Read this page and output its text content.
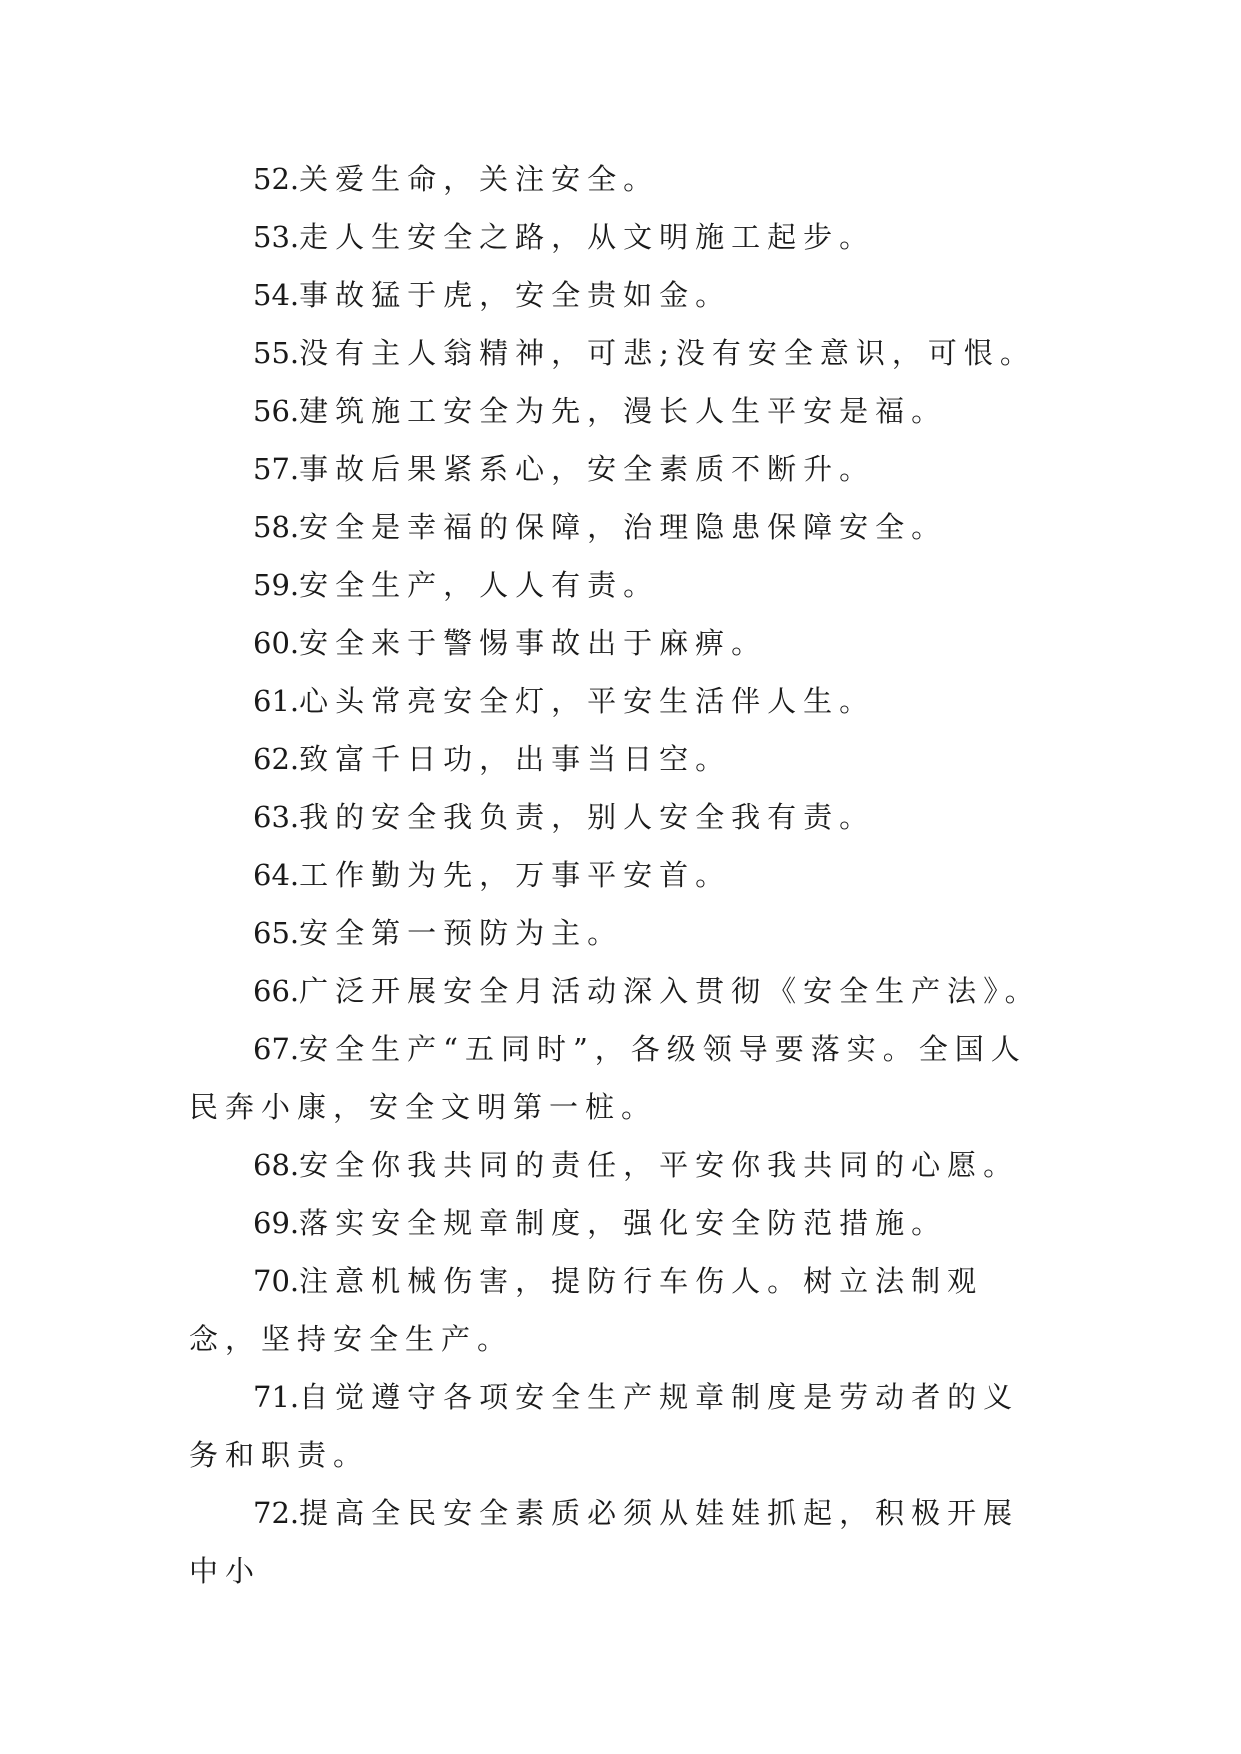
52.关爱生命，关注安全。

53.走人生安全之路，从文明施工起步。

54.事故猛于虎，安全贵如金。

55.没有主人翁精神，可悲;没有安全意识，可恨。

56.建筑施工安全为先，漫长人生平安是福。

57.事故后果紧系心，安全素质不断升。

58.安全是幸福的保障，治理隐患保障安全。

59.安全生产，人人有责。

60.安全来于警惕事故出于麻痹。

61.心头常亮安全灯，平安生活伴人生。

62.致富千日功，出事当日空。

63.我的安全我负责，别人安全我有责。

64.工作勤为先，万事平安首。

65.安全第一预防为主。

66.广泛开展安全月活动深入贯彻《安全生产法》。

67.安全生产“五同时”，各级领导要落实。全国人民奔小康，安全文明第一桩。

68.安全你我共同的责任，平安你我共同的心愿。

69.落实安全规章制度，强化安全防范措施。

70.注意机械伤害，提防行车伤人。树立法制观念，坚持安全生产。

71.自觉遵守各项安全生产规章制度是劳动者的义务和职责。

72.提高全民安全素质必须从娃娃抓起，积极开展中小
